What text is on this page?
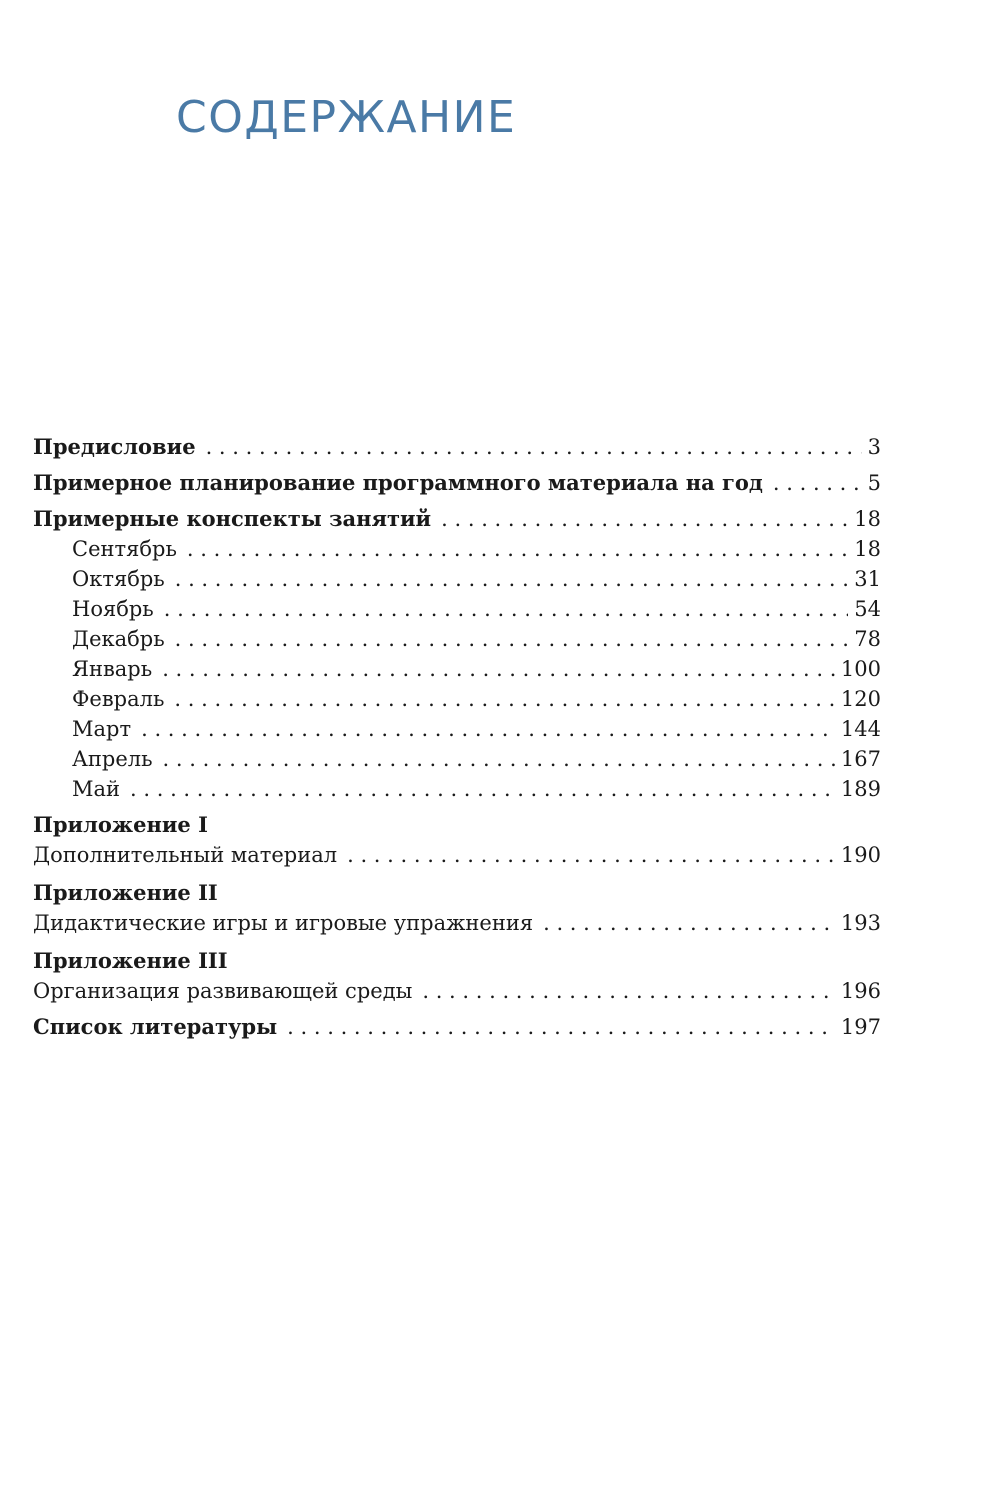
СОДЕРЖАНИЕ
Предисловие . . .	3
Примерное планирование программного материала на год . . .	5
Примерные конспекты занятий . . .	18
Сентябрь . . .	18
Октябрь . . .	31
Ноябрь . . .	54
Декабрь . . .	78
Январь . . .	100
Февраль . . .	120
Март . . .	144
Апрель . . .	167
Май . . .	189
Приложение I
Дополнительный материал . . .	190
Приложение II
Дидактические игры и игровые упражнения . . .	193
Приложение III
Организация развивающей среды . . .	196
Список литературы . . .	197
